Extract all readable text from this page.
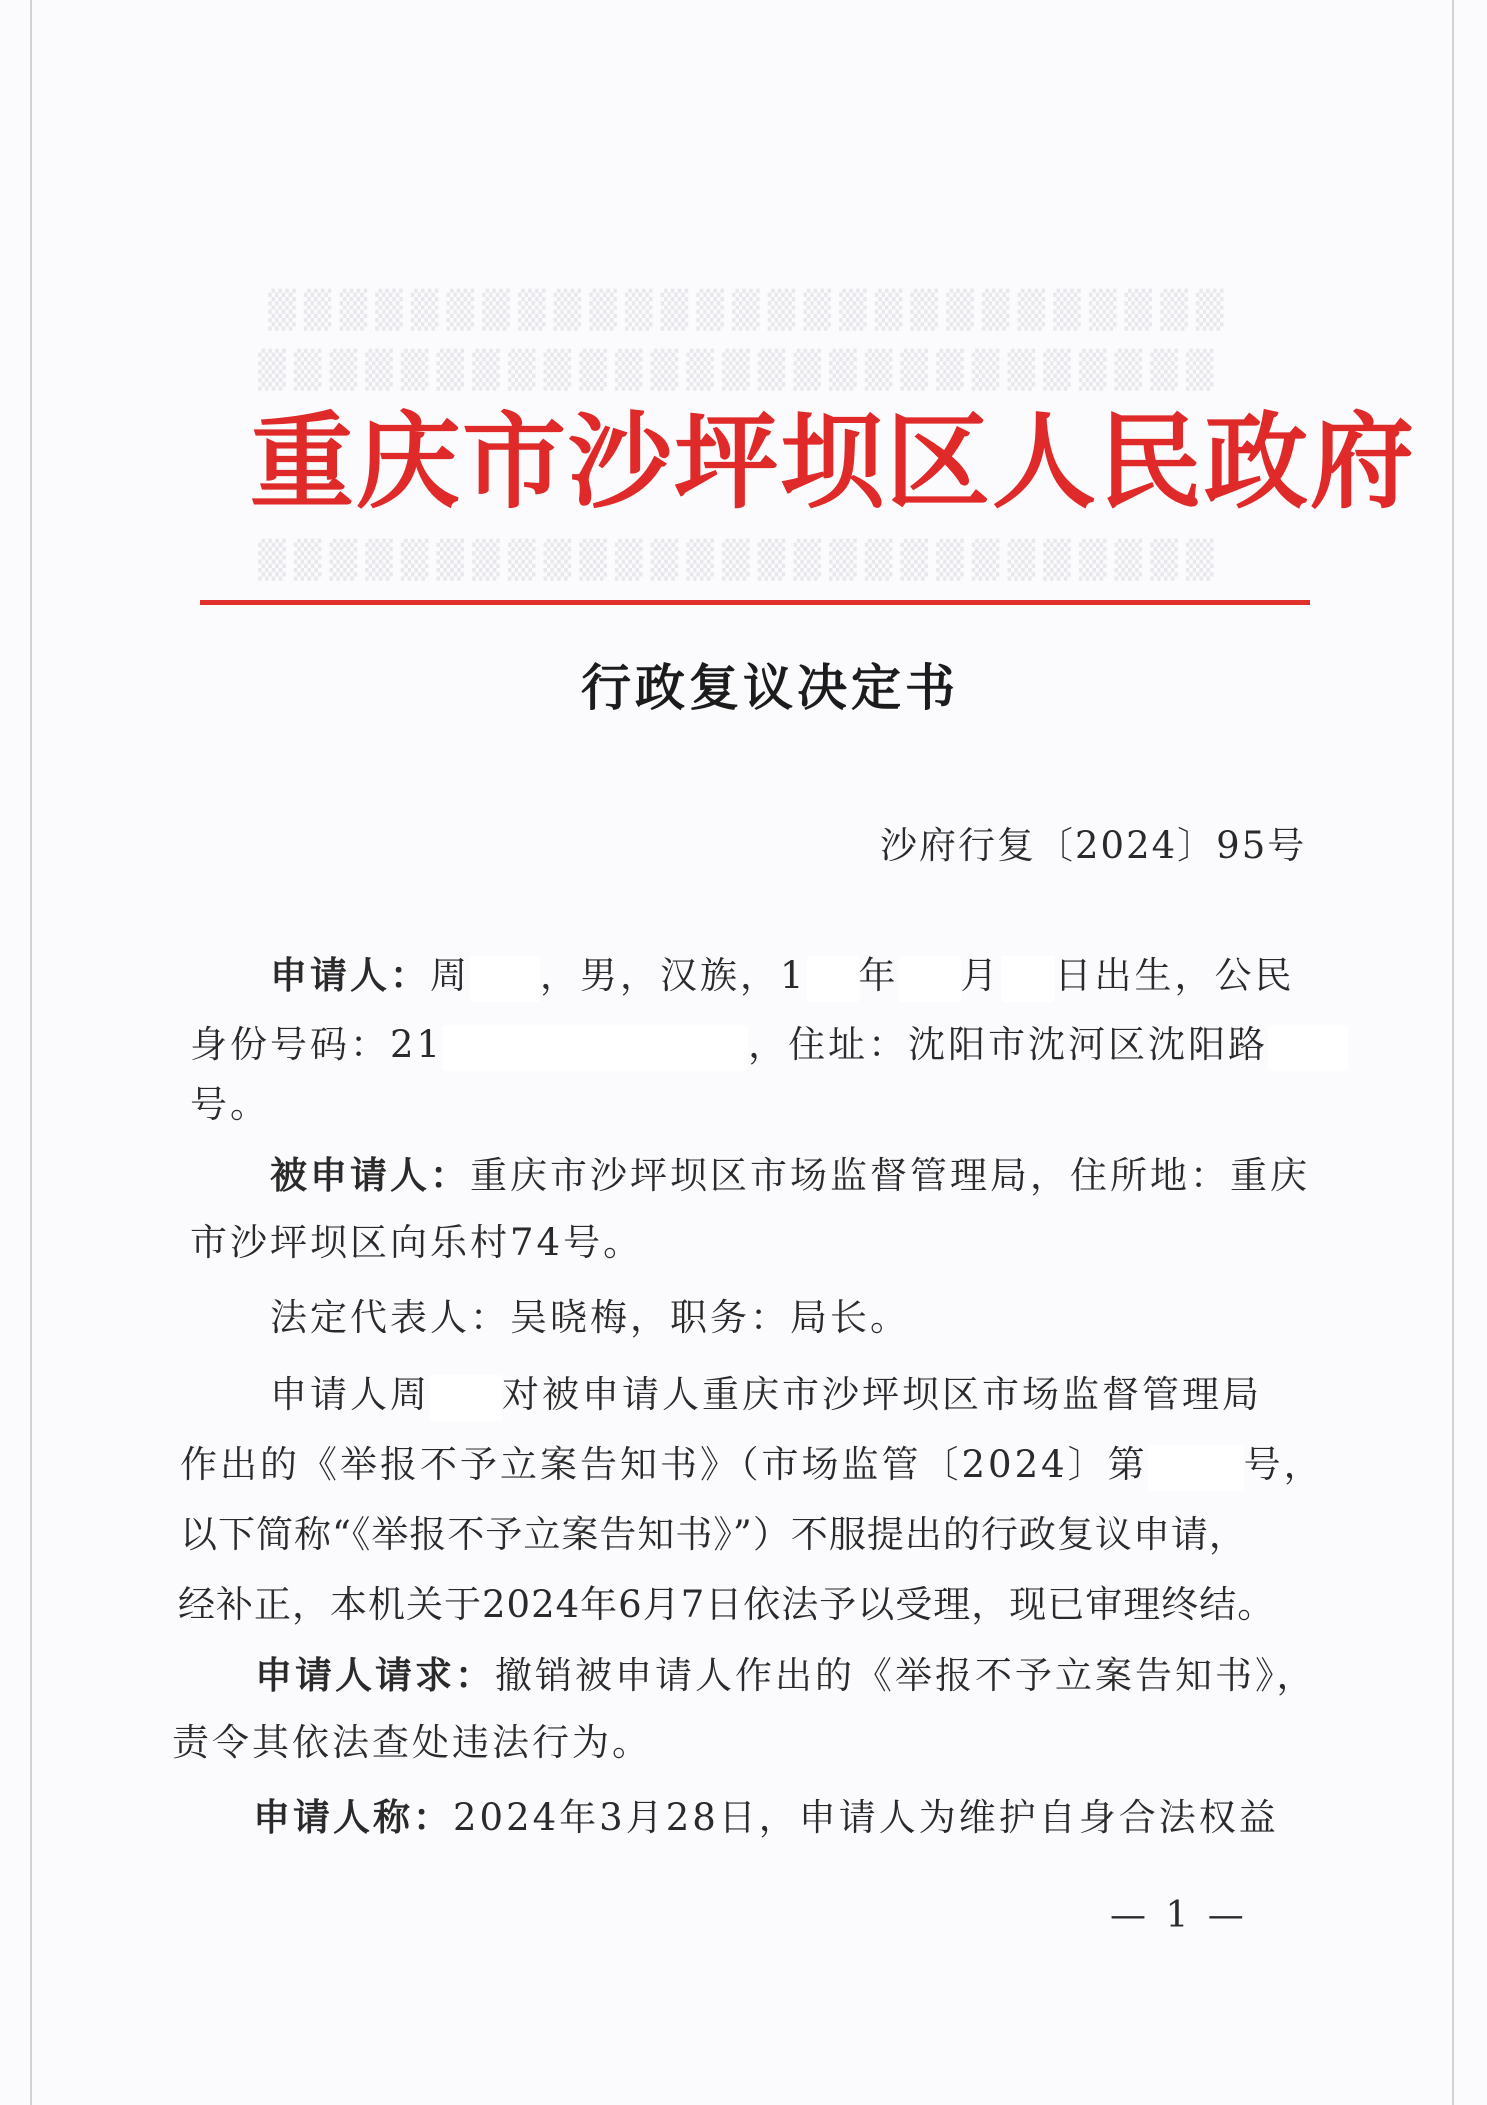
▒▒▒▒▒▒▒▒▒▒▒▒▒▒▒▒▒▒▒▒▒▒▒▒▒▒▒
▒▒▒▒▒▒▒▒▒▒▒▒▒▒▒▒▒▒▒▒▒▒▒▒▒▒▒
▒▒▒▒▒▒▒▒▒▒▒▒▒▒▒▒▒▒▒▒▒▒▒▒▒▒▒
重庆市沙坪坝区人民政府
行政复议决定书
沙府行复〔2024〕95号
申请人：周 ，男，汉族，1 年 月 日出生，公民
身份号码：21	，住址：沈阳市沈河区沈阳路
号。
被申请人：重庆市沙坪坝区市场监督管理局，住所地：重庆
市沙坪坝区向乐村74号。
法定代表人：吴晓梅，职务：局长。
申请人周 对被申请人重庆市沙坪坝区市场监督管理局
作出的《举报不予立案告知书》（市场监管〔2024〕第	号，
以下简称“《举报不予立案告知书》”）不服提出的行政复议申请，
经补正，本机关于2024年6月7日依法予以受理，现已审理终结。
申请人请求：撤销被申请人作出的《举报不予立案告知书》，
责令其依法查处违法行为。
申请人称：2024年3月28日，申请人为维护自身合法权益
— 1 —
